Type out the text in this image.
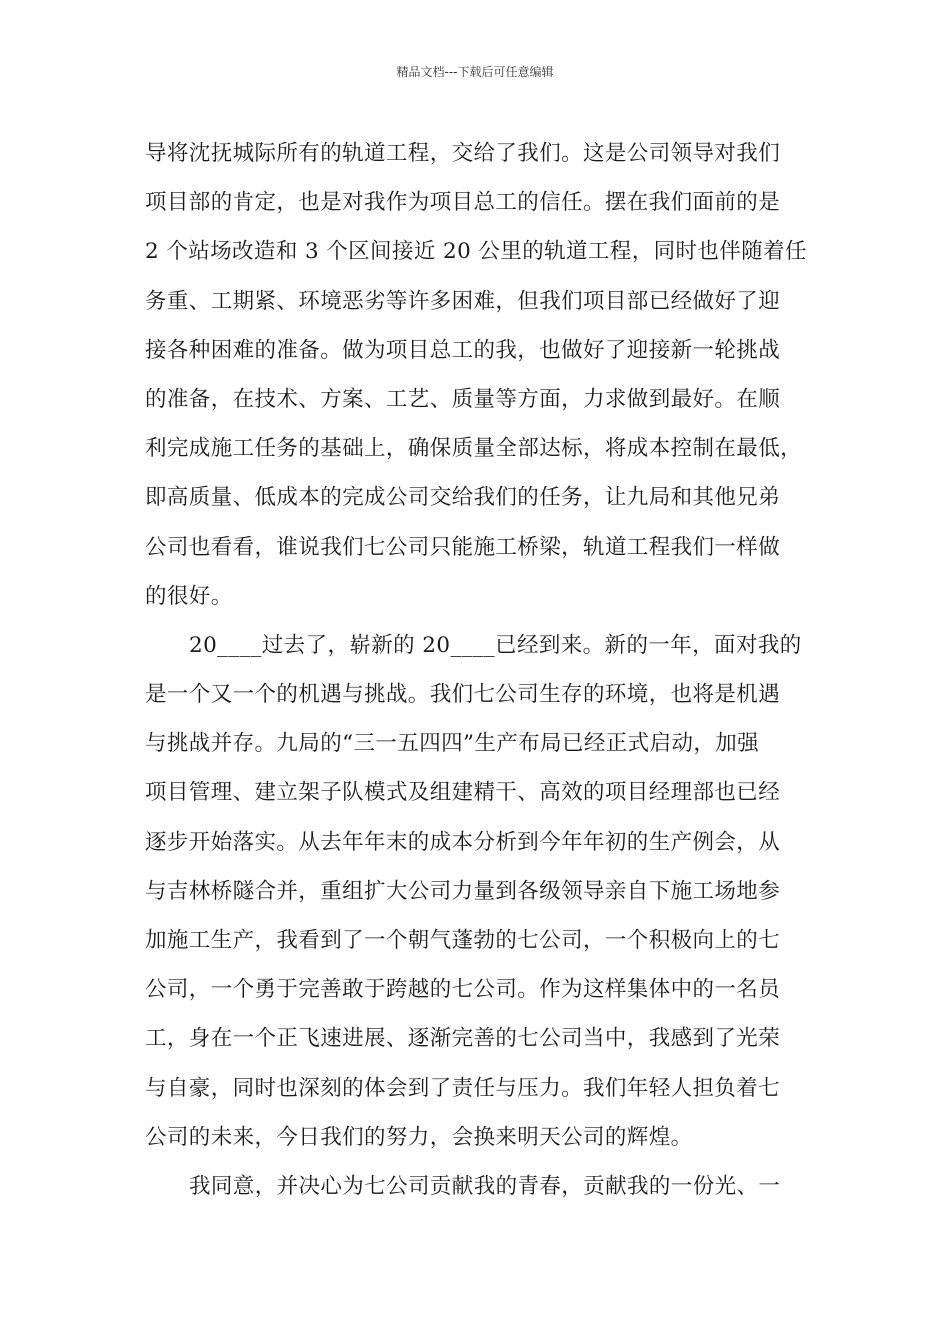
精品文档---下载后可任意编辑
导将沈抚城际所有的轨道工程，交给了我们。这是公司领导对我们
项目部的肯定，也是对我作为项目总工的信任。摆在我们面前的是
2 个站场改造和 3 个区间接近 20 公里的轨道工程，同时也伴随着任
务重、工期紧、环境恶劣等许多困难，但我们项目部已经做好了迎
接各种困难的准备。做为项目总工的我，也做好了迎接新一轮挑战
的准备，在技术、方案、工艺、质量等方面，力求做到最好。在顺
利完成施工任务的基础上，确保质量全部达标，将成本控制在最低，
即高质量、低成本的完成公司交给我们的任务，让九局和其他兄弟
公司也看看，谁说我们七公司只能施工桥梁，轨道工程我们一样做
的很好。
20____过去了，崭新的 20____已经到来。新的一年，面对我的
是一个又一个的机遇与挑战。我们七公司生存的环境，也将是机遇
与挑战并存。九局的“三一五四四”生产布局已经正式启动，加强
项目管理、建立架子队模式及组建精干、高效的项目经理部也已经
逐步开始落实。从去年年末的成本分析到今年年初的生产例会，从
与吉林桥隧合并，重组扩大公司力量到各级领导亲自下施工场地参
加施工生产，我看到了一个朝气蓬勃的七公司，一个积极向上的七
公司，一个勇于完善敢于跨越的七公司。作为这样集体中的一名员
工，身在一个正飞速进展、逐渐完善的七公司当中，我感到了光荣
与自豪，同时也深刻的体会到了责任与压力。我们年轻人担负着七
公司的未来，今日我们的努力，会换来明天公司的辉煌。
我同意，并决心为七公司贡献我的青春，贡献我的一份光、一
